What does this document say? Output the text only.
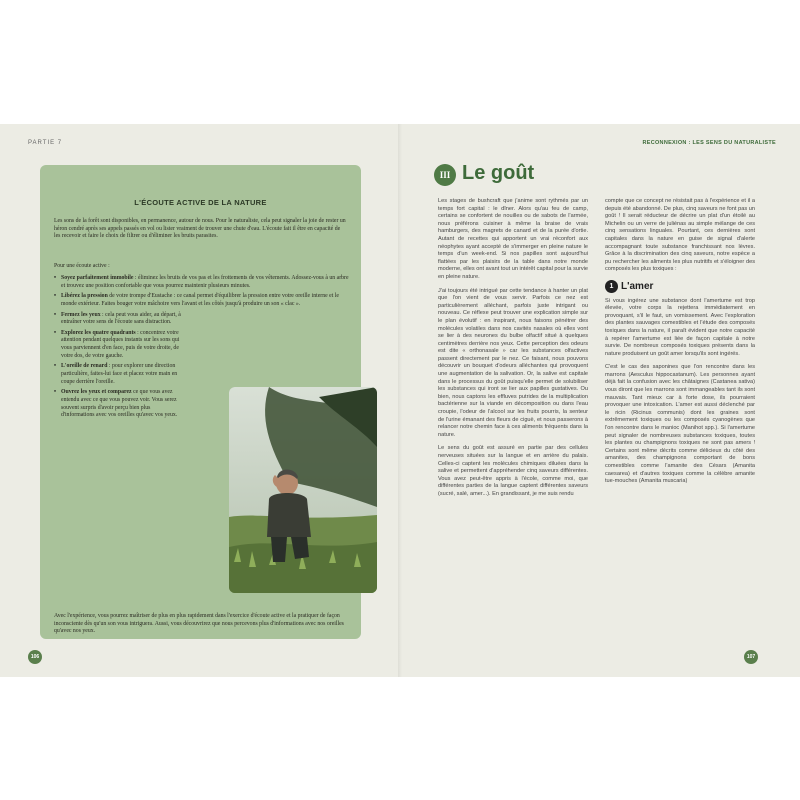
PARTIE 7
L'ÉCOUTE ACTIVE DE LA NATURE

Les sons de la forêt sont disponibles, en permanence, autour de nous. Pour le naturaliste, cela peut signaler la joie de rester un héron cendré après ses appels passés en vol ou lister vraiment de trouver une chute d'eau. L'écoute fait il être en capacité de les recevoir et faire le choix de filtrer ou d'éliminer les bruits parasites.

Pour une écoute active :

• Soyez parfaitement immobile : éliminez les bruits de vos pas et les frottements de vos vêtements. Adossez-vous à un arbre et trouvez une position confortable que vous pourrez maintenir plusieurs minutes.
• Libérez la pression de votre trompe d'Eustache : ce canal permet d'équilibrer la pression entre votre oreille interne et le monde extérieur. Faites bouger votre mâchoire vers l'avant et les côtés jusqu'à produire un son « clac ».
• Fermez les yeux : cela peut vous aider, au départ, à entraîner votre sens de l'écoute sans distraction.
• Explorez les quatre quadrants : concentrez votre attention pendant quelques instants sur les sons qui vous parviennent d'en face, puis de votre droite, de votre dos, de votre gauche.
• L'oreille de renard : pour explorer une direction particulière, faites-lui face et placez votre main en coupe derrière l'oreille.
• Ouvrez les yeux et comparez ce que vous avez entendu avec ce que vous pouvez voir. Vous serez souvent surpris d'avoir perçu bien plus d'informations avec vos oreilles qu'avec vos yeux.

Avec l'expérience, vous pourrez maîtriser de plus en plus rapidement dans l'exercice d'écoute active et la pratiquer de façon inconsciente dès qu'un son vous intriguera. Aussi, vous découvrirez que nous percevons plus d'informations avec nos oreilles qu'avec nos yeux.

106
RECONNEXION : LES SENS DU NATURALISTE
III Le goût

Les stages de bushcraft que j'anime sont rythmés par un temps fort capital : le dîner. Alors qu'au feu de camp, certains se confortent de nouilles ou de sabots de l'armée, nous préférons cuisiner à même la braise de vrais hamburgers, des magrets de canard et de la purée d'ortie. Autant de recettes qui apportent un vrai réconfort aux néophytes ayant accepté de s'immerger en pleine nature le temps d'un week-end. Si nos papilles sont aujourd'hui flattées par les plaisirs de la table dans notre monde moderne, elles ont avant tout un intérêt capital pour la survie en pleine nature.

J'ai toujours été intrigué par cette tendance à hanter un plat que l'on vient de vous servir. Parfois ce nez est particulièrement alléchant, parfois juste intrigant ou nouveau. Ce réflexe peut trouver une explication simple sur le plan évolutif : en inspirant, nous faisons pénétrer des molécules volatiles dans nos cavités nasales où elles vont se lier à des neurones du bulbe olfactif situé à quelques centimètres derrière nos yeux. Cette perception des odeurs est dite « orthonasale » car les substances olfactives passent directement par le nez. Ce faisant, nous pouvons découvrir un bouquet d'odeurs alléchantes qui provoquent une augmentation de la salivation. Or, la salive est capitale dans le processus du goût puisqu'elle permet de solubiliser les substances qui iront se lier aux papilles gustatives. Ou bien, nous captons les effluves putrides de la multiplication bactérienne sur la viande en décomposition ou dans l'eau croupie, l'odeur de l'alcool sur les fruits pourris, la senteur de l'urine émanant des fleurs de ciguë, et nous passerons à relancer notre chemin face à ces aliments fréquents dans la nature.

Le sens du goût est assuré en partie par des cellules nerveuses situées sur la langue et en arrière du palais. Celles-ci captent les molécules chimiques diluées dans la salive et permettent d'appréhender cinq saveurs différentes. Vous avez peut-être appris à l'école, comme moi, que différentes parties de la langue captent différentes saveurs (sucré, salé, amer...). En grandissant, je me suis rendu

compte que ce concept ne résistait pas à l'expérience et il a depuis été abandonné. De plus, cinq saveurs ne font pas un goût ! Il serait réducteur de décrire un plat d'un étoilé au Michelin ou un verre de juliénas au simple mélange de ces cinq sensations linguales. Pourtant, ces dernières sont capitales dans la nature en guise de signal d'alerte accompagnant toute substance franchissant nos lèvres. Grâce à la discrimination des cinq saveurs, notre espèce a pu rechercher les aliments les plus nutritifs et s'éloigner des composés les plus toxiques :

1 L'amer

Si vous ingérez une substance dont l'amertume est trop élevée, votre corps la rejettera immédiatement en provoquant, s'il le faut, un vomissement. Avec l'exploration des plantes sauvages comestibles et l'étude des composés toxiques dans la nature, il paraît évident que notre capacité à repérer l'amertume est liée de façon capitale à notre survie. De nombreux composés toxiques présents dans la nature produisent un goût amer lorsqu'ils sont ingérés.

C'est le cas des saponines que l'on rencontre dans les marrons (Aesculus hippocastanum). Les personnes ayant déjà fait la confusion avec les châtaignes (Castanea sativa) vous diront que les marrons sont immangeables tant ils sont mauvais. Tant mieux car à forte dose, ils pourraient provoquer une intoxication. L'amer est aussi déclenché par le ricin (Ricinus communis) dont les graines sont extrêmement toxiques ou les composés cyanogènes que l'on rencontre dans le manioc (Manihot spp.). Si l'amertume peut signaler de nombreuses substances toxiques, toutes les plantes ou champignons toxiques ne sont pas amers ! Certains sont même décrits comme délicieux du côté des amanites, des champignons comportant de bons comestibles comme l'amanite des Césars (Amanita caesarea) et d'autres toxiques comme la célèbre amanite tue-mouches (Amanita muscaria)

107
